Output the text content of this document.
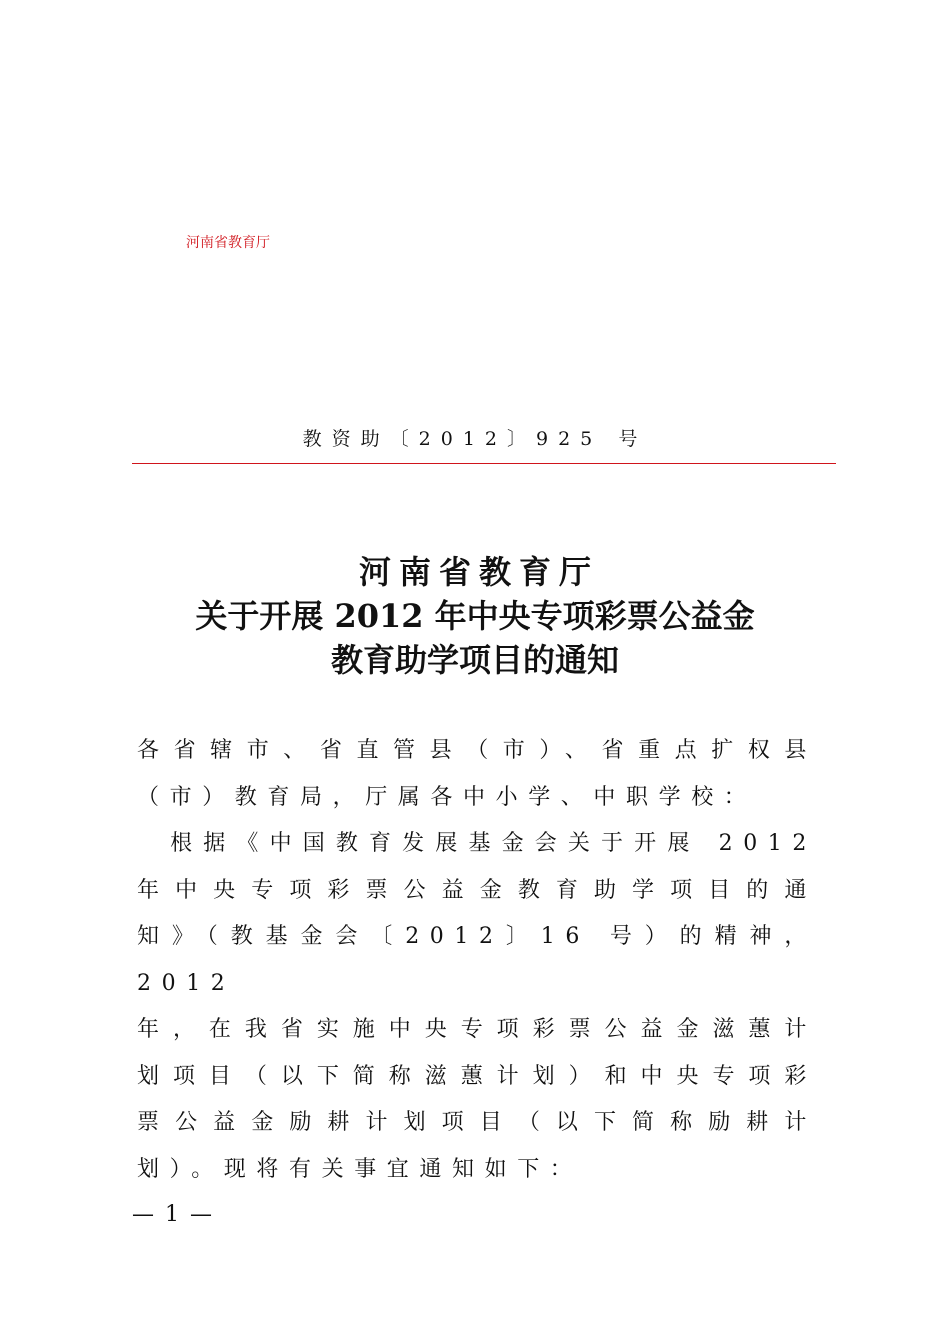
河南省教育厅
教资助〔2012〕925 号
河南省教育厅
关于开展 2012 年中央专项彩票公益金
教育助学项目的通知
各省辖市、省直管县（市）、省重点扩权县
（市）教育局，厅属各中小学、中职学校：
　根据《中国教育发展基金会关于开展 2012
年中央专项彩票公益金教育助学项目的通
知》（教基金会〔2012〕16 号）的精神， 2012
年，在我省实施中央专项彩票公益金滋蕙计
划项目（以下简称滋蕙计划）和中央专项彩
票公益金励耕计划项目（以下简称励耕计
划）。现将有关事宜通知如下：
— 1 —
